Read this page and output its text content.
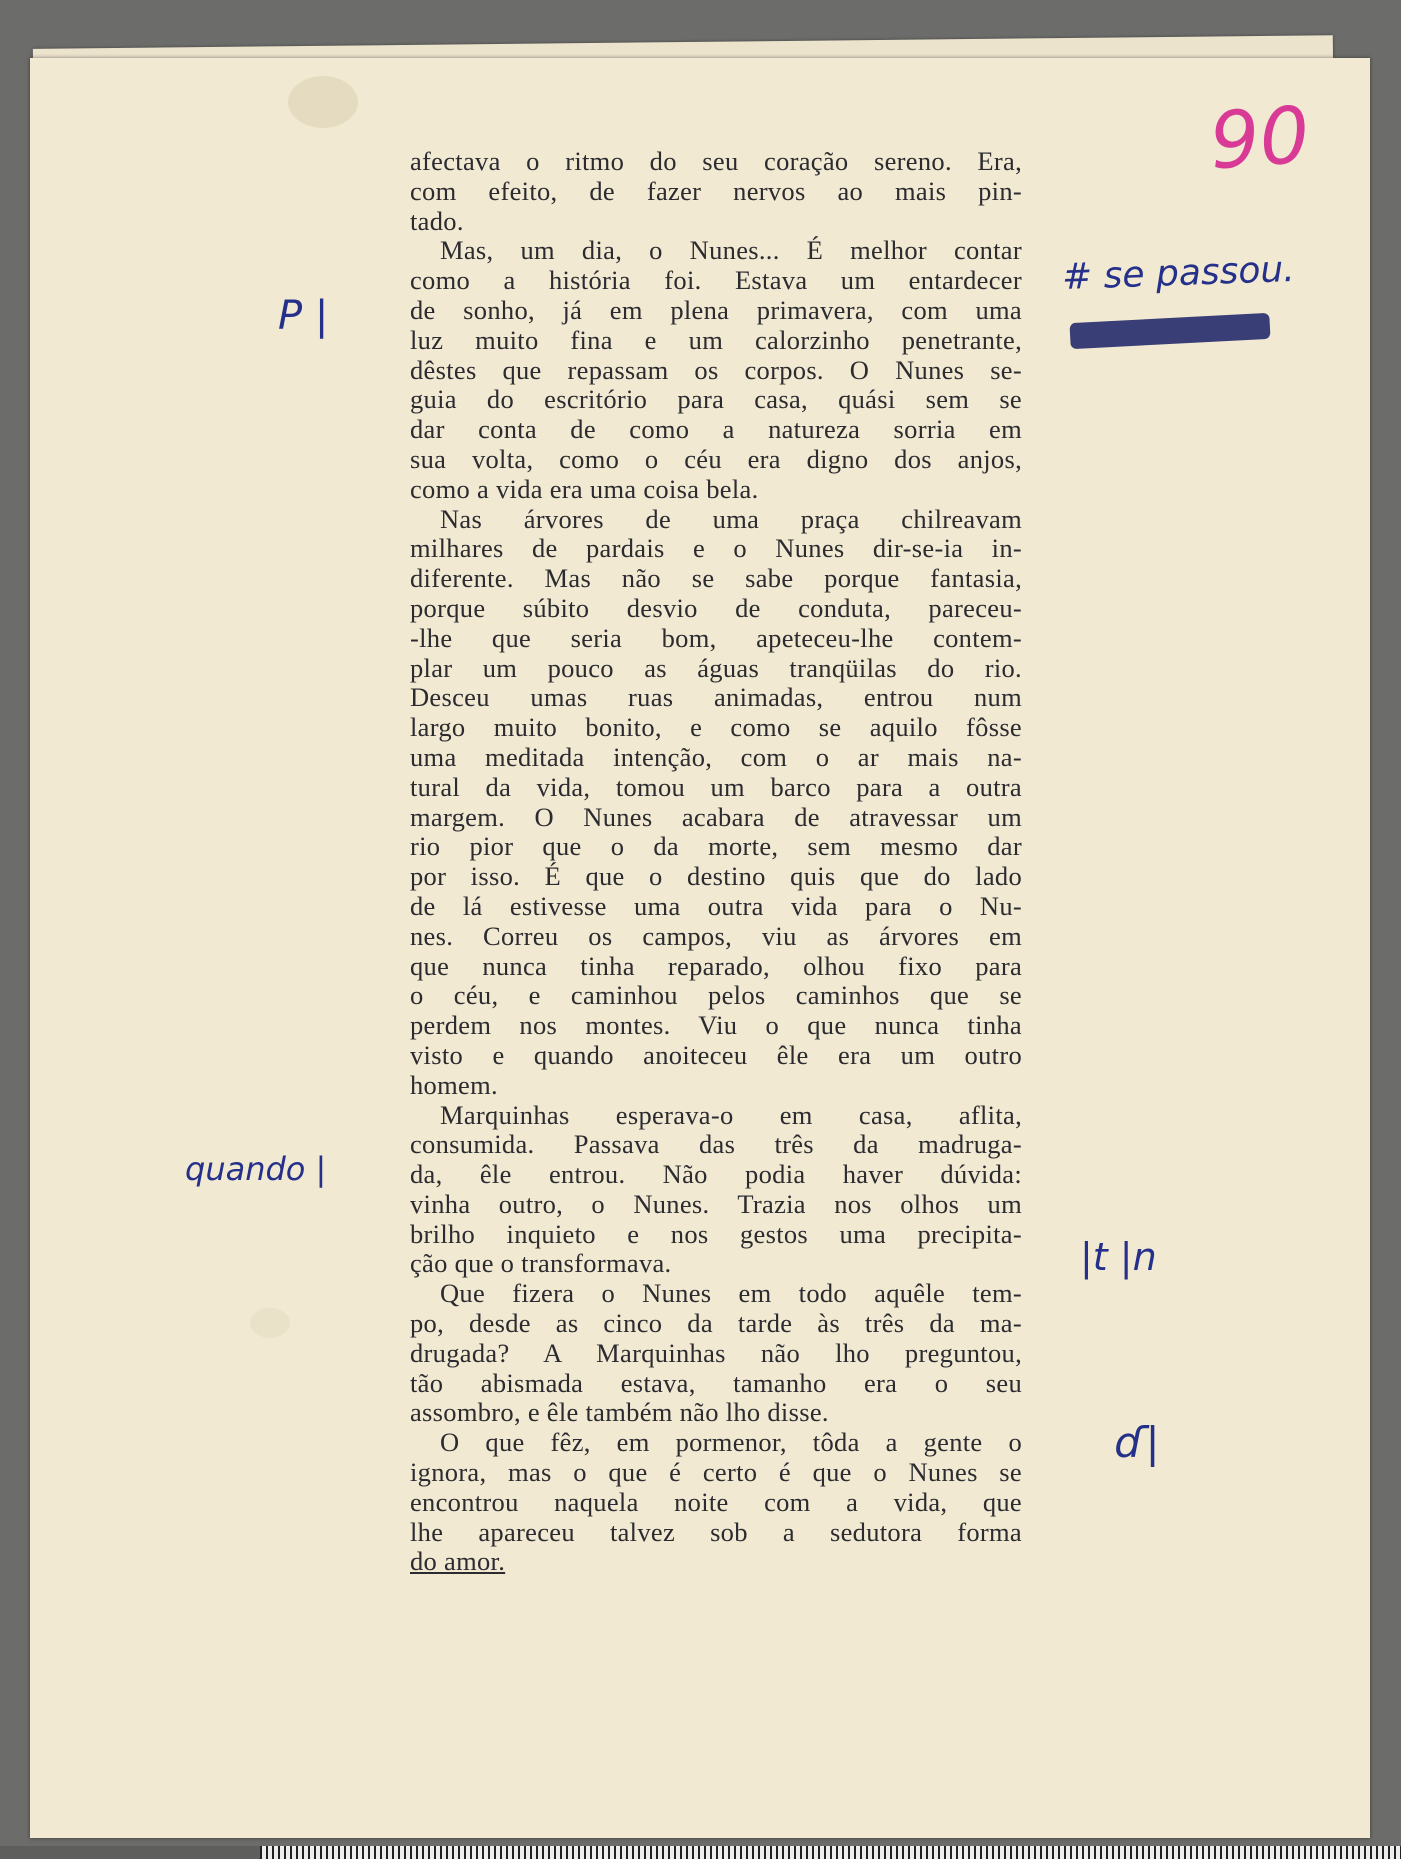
afectava o ritmo do seu coração sereno. Era,
com efeito, de fazer nervos ao mais pin-
tado.
Mas, um dia, o Nunes... É melhor contar
como a história foi. Estava um entardecer
de sonho, já em plena primavera, com uma
luz muito fina e um calorzinho penetrante,
dêstes que repassam os corpos. O Nunes se-
guia do escritório para casa, quási sem se
dar conta de como a natureza sorria em
sua volta, como o céu era digno dos anjos,
como a vida era uma coisa bela.
Nas árvores de uma praça chilreavam
milhares de pardais e o Nunes dir-se-ia in-
diferente. Mas não se sabe porque fantasia,
porque súbito desvio de conduta, pareceu-
-lhe que seria bom, apeteceu-lhe contem-
plar um pouco as águas tranqüilas do rio.
Desceu umas ruas animadas, entrou num
largo muito bonito, e como se aquilo fôsse
uma meditada intenção, com o ar mais na-
tural da vida, tomou um barco para a outra
margem. O Nunes acabara de atravessar um
rio pior que o da morte, sem mesmo dar
por isso. É que o destino quis que do lado
de lá estivesse uma outra vida para o Nu-
nes. Correu os campos, viu as árvores em
que nunca tinha reparado, olhou fixo para
o céu, e caminhou pelos caminhos que se
perdem nos montes. Viu o que nunca tinha
visto e quando anoiteceu êle era um outro
homem.
Marquinhas esperava-o em casa, aflita,
consumida. Passava das três da madruga-
da, êle entrou. Não podia haver dúvida:
vinha outro, o Nunes. Trazia nos olhos um
brilho inquieto e nos gestos uma precipita-
ção que o transformava.
Que fizera o Nunes em todo aquêle tem-
po, desde as cinco da tarde às três da ma-
drugada? A Marquinhas não lho preguntou,
tão abismada estava, tamanho era o seu
assombro, e êle também não lho disse.
O que fêz, em pormenor, tôda a gente o
ignora, mas o que é certo é que o Nunes se
encontrou naquela noite com a vida, que
lhe apareceu talvez sob a sedutora forma
do amor.
90
P |
quando |
# se passou.
|t |n
ɗ|
